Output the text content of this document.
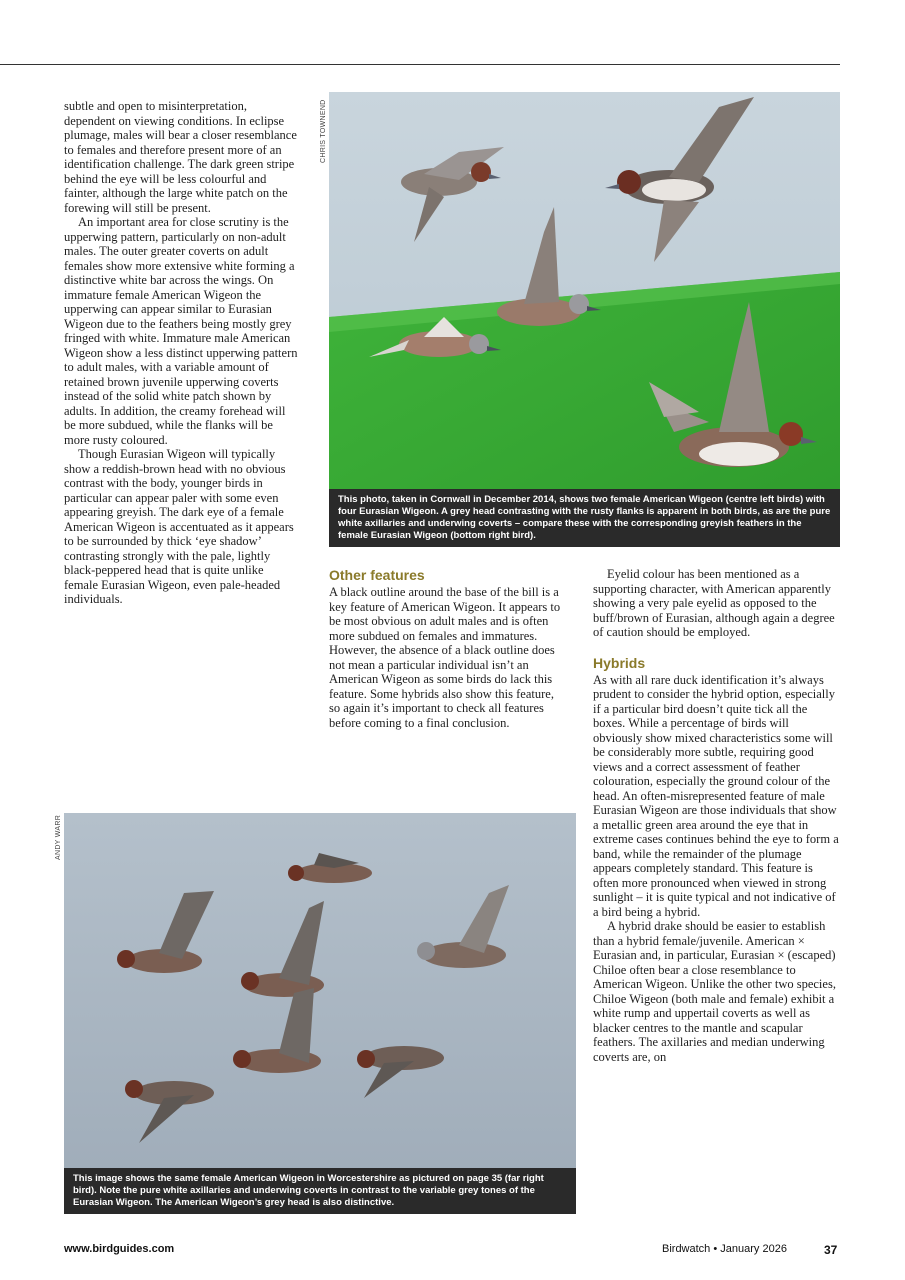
subtle and open to misinterpretation, dependent on viewing conditions. In eclipse plumage, males will bear a closer resemblance to females and therefore present more of an identification challenge. The dark green stripe behind the eye will be less colourful and fainter, although the large white patch on the forewing will still be present.

An important area for close scrutiny is the upperwing pattern, particularly on non-adult males. The outer greater coverts on adult females show more extensive white forming a distinctive white bar across the wings. On immature female American Wigeon the upperwing can appear similar to Eurasian Wigeon due to the feathers being mostly grey fringed with white. Immature male American Wigeon show a less distinct upperwing pattern to adult males, with a variable amount of retained brown juvenile upperwing coverts instead of the solid white patch shown by adults. In addition, the creamy forehead will be more subdued, while the flanks will be more rusty coloured.

Though Eurasian Wigeon will typically show a reddish-brown head with no obvious contrast with the body, younger birds in particular can appear paler with some even appearing greyish. The dark eye of a female American Wigeon is accentuated as it appears to be surrounded by thick ‘eye shadow’ contrasting strongly with the pale, lightly black-peppered head that is quite unlike female Eurasian Wigeon, even pale-headed individuals.

CHRIS TOWNEND
This photo, taken in Cornwall in December 2014, shows two female American Wigeon (centre left birds) with four Eurasian Wigeon. A grey head contrasting with the rusty flanks is apparent in both birds, as are the pure white axillaries and underwing coverts – compare these with the corresponding greyish feathers in the female Eurasian Wigeon (bottom right bird).
Other features

A black outline around the base of the bill is a key feature of American Wigeon. It appears to be most obvious on adult males and is often more subdued on females and immatures. However, the absence of a black outline does not mean a particular individual isn’t an American Wigeon as some birds do lack this feature. Some hybrids also show this feature, so again it’s important to check all features before coming to a final conclusion.

Eyelid colour has been mentioned as a supporting character, with American apparently showing a very pale eyelid as opposed to the buff/brown of Eurasian, although again a degree of caution should be employed.

Hybrids

As with all rare duck identification it’s always prudent to consider the hybrid option, especially if a particular bird doesn’t quite tick all the boxes. While a percentage of birds will obviously show mixed characteristics some will be considerably more subtle, requiring good views and a correct assessment of feather colouration, especially the ground colour of the head. An often-misrepresented feature of male Eurasian Wigeon are those individuals that show a metallic green area around the eye that in extreme cases continues behind the eye to form a band, while the remainder of the plumage appears completely standard. This feature is often more pronounced when viewed in strong sunlight – it is quite typical and not indicative of a bird being a hybrid.

A hybrid drake should be easier to establish than a hybrid female/juvenile. American × Eurasian and, in particular, Eurasian × (escaped) Chiloe often bear a close resemblance to American Wigeon. Unlike the other two species, Chiloe Wigeon (both male and female) exhibit a white rump and uppertail coverts as well as blacker centres to the mantle and scapular feathers. The axillaries and median underwing coverts are, on

ANDY WARR
This image shows the same female American Wigeon in Worcestershire as pictured on page 35 (far right bird). Note the pure white axillaries and underwing coverts in contrast to the variable grey tones of the Eurasian Wigeon. The American Wigeon’s grey head is also distinctive.
www.birdguides.com	Birdwatch • January 2026	37
